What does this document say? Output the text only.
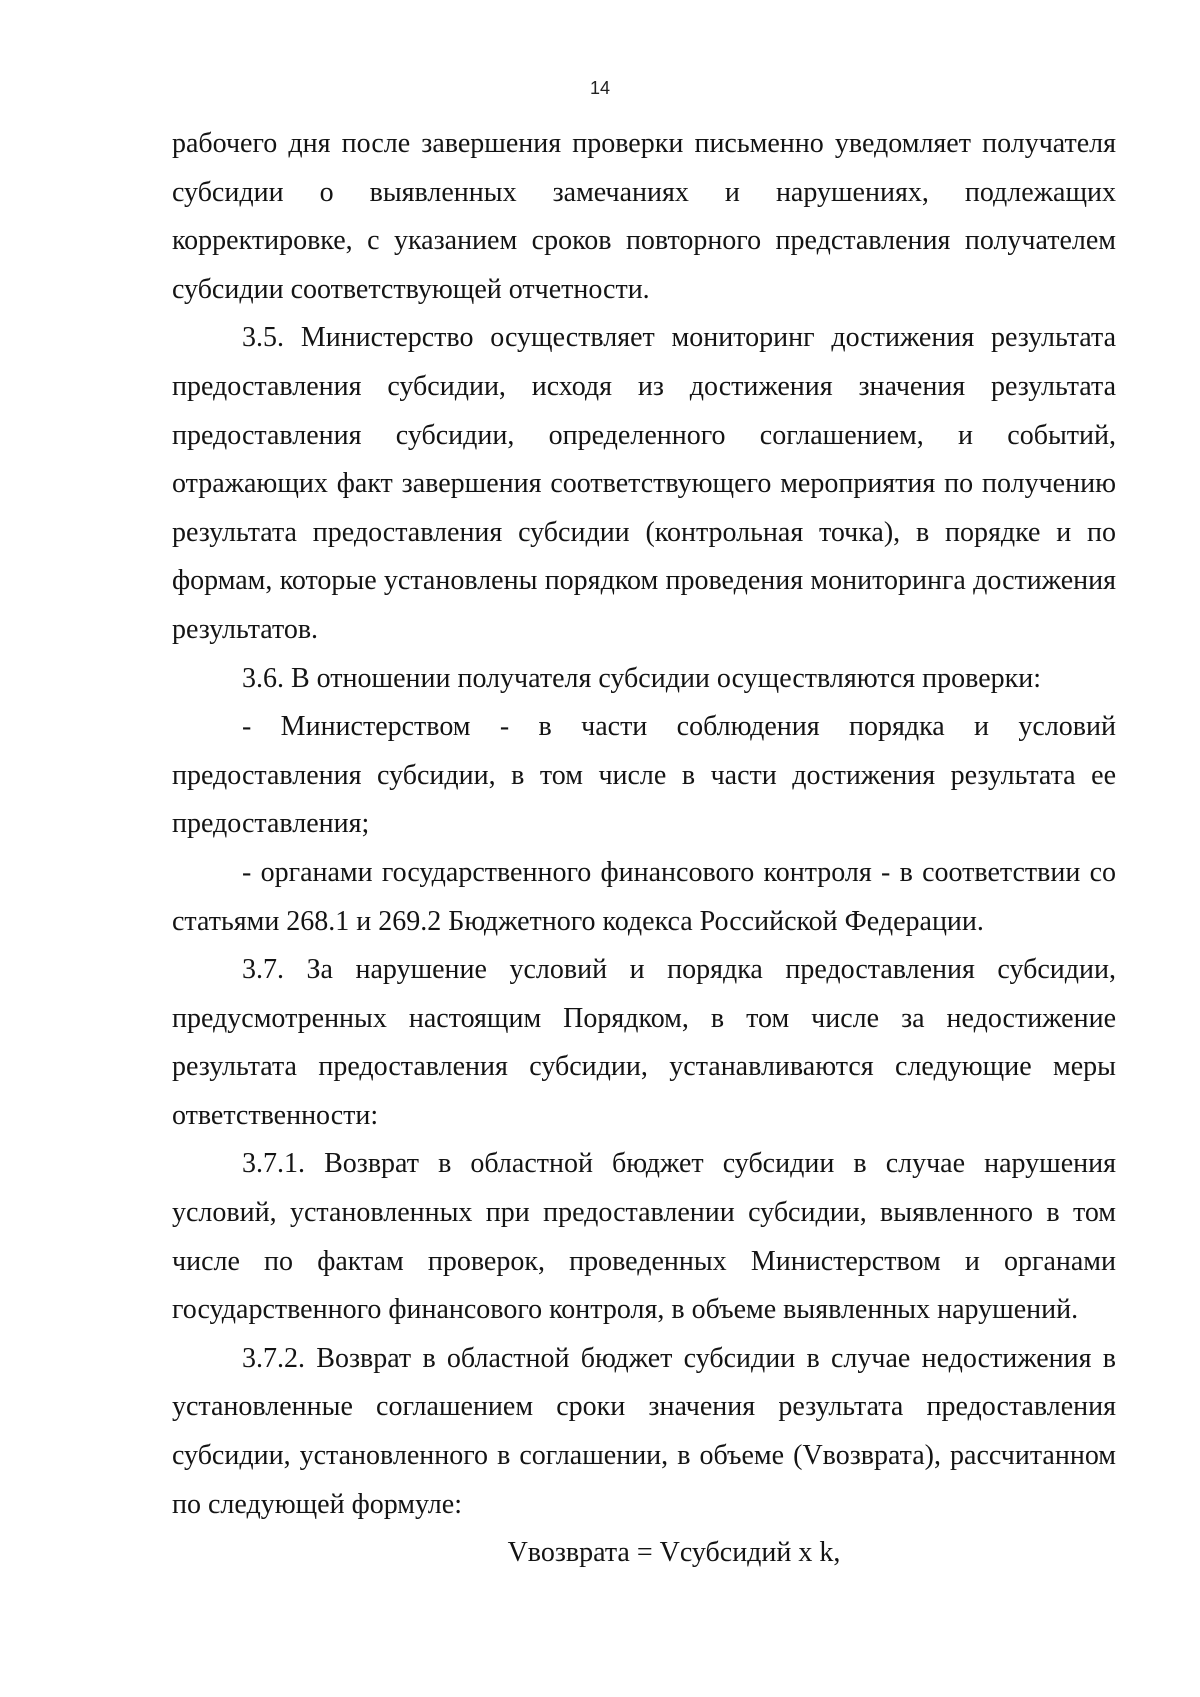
14

рабочего дня после завершения проверки письменно уведомляет получателя субсидии о выявленных замечаниях и нарушениях, подлежащих корректировке, с указанием сроков повторного представления получателем субсидии соответствующей отчетности.

3.5. Министерство осуществляет мониторинг достижения результата предоставления субсидии, исходя из достижения значения результата предоставления субсидии, определенного соглашением, и событий, отражающих факт завершения соответствующего мероприятия по получению результата предоставления субсидии (контрольная точка), в порядке и по формам, которые установлены порядком проведения мониторинга достижения результатов.

3.6. В отношении получателя субсидии осуществляются проверки:

- Министерством - в части соблюдения порядка и условий предоставления субсидии, в том числе в части достижения результата ее предоставления;

- органами государственного финансового контроля - в соответствии со статьями 268.1 и 269.2 Бюджетного кодекса Российской Федерации.

3.7. За нарушение условий и порядка предоставления субсидии, предусмотренных настоящим Порядком, в том числе за недостижение результата предоставления субсидии, устанавливаются следующие меры ответственности:

3.7.1. Возврат в областной бюджет субсидии в случае нарушения условий, установленных при предоставлении субсидии, выявленного в том числе по фактам проверок, проведенных Министерством и органами государственного финансового контроля, в объеме выявленных нарушений.

3.7.2. Возврат в областной бюджет субсидии в случае недостижения в установленные соглашением сроки значения результата предоставления субсидии, установленного в соглашении, в объеме (Vвозврата), рассчитанном по следующей формуле:

Vвозврата = Vсубсидий x k,
